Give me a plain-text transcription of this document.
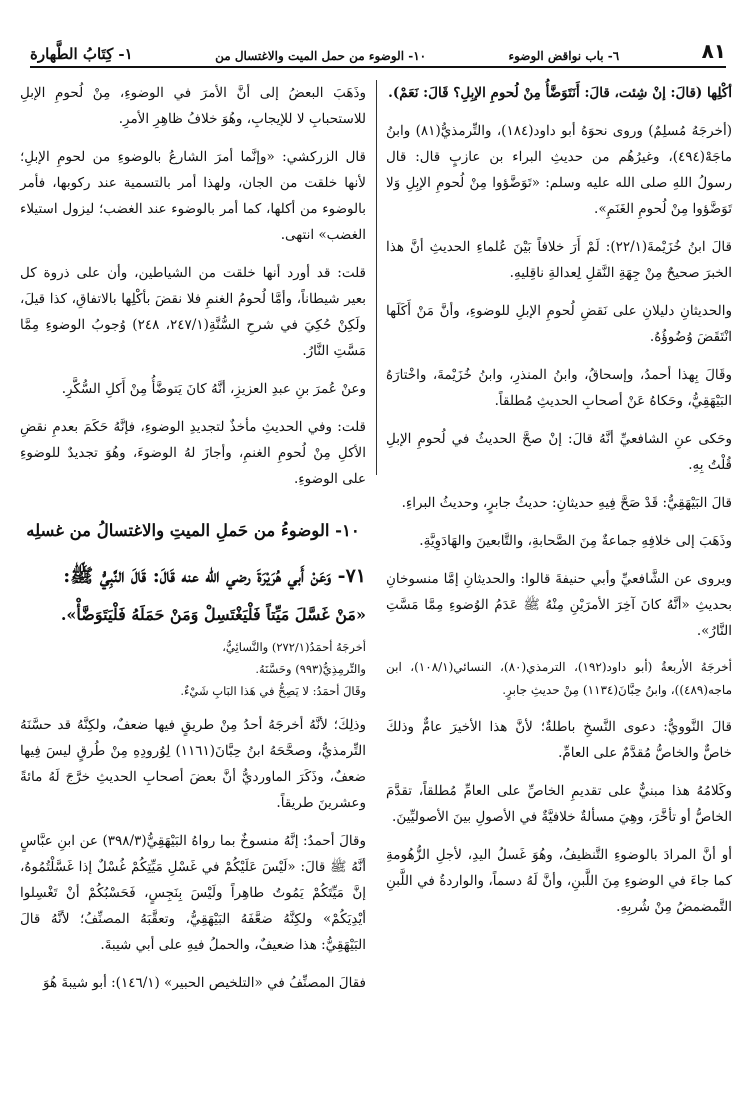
٨١
٦- باب نواقض الوضوء
١٠- الوضوء من حمل الميت والاغتسال من
١- كِتَابُ الطَّهارة

أكْلِها (قالَ: إنْ شِئت، قالَ: أَنَتَوَضَّأُ مِنْ لُحومِ الإبِلِ؟ قَالَ: نَعَمْ).

(أخرجَهُ مُسلِمٌ) وروى نحوَهُ أبو داود(١٨٤)، والتِّرمذيُّ(٨١) وابنُ ماجَهْ(٤٩٤)، وغيرُهُم من حديثِ البراء بن عازبٍ قال: قال رسولُ اللهِ صلى الله عليه وسلم: «تَوَضَّؤوا مِنْ لُحومِ الإبِلِ وَلا تَوَضَّؤوا مِنْ لُحومِ الغَنَمِ».

قالَ ابنُ خُزَيْمةَ(٢٢/١): لَمْ أَرَ خلافاً بَيْنَ عُلماءِ الحديثِ أنَّ هذا الخبرَ صحيحٌ مِنْ جِهَةِ النَّقلِ لِعدالةِ ناقِليهِ.

والحديثانِ دليلانِ على نَقضِ لُحومِ الإبلِ للوضوءِ، وأنَّ مَنْ أَكَلَها انْتَقَضَ وُضُوؤُهُ.

وقَالَ بِهذا أحمدُ، وإسحاقُ، وابنُ المنذرِ، وابنُ خُزَيْمةَ، واخْتارَهُ البَيْهَقِيُّ، وحَكاهُ عَنْ أصحابِ الحديثِ مُطلقاً.

وحَكى عنِ الشافعيِّ أنَّهُ قالَ: إنْ صحَّ الحديثُ في لُحومِ الإبلِ قُلْتُ بِهِ.

قالَ البَيْهَقِيُّ: قَدْ صَحَّ فِيهِ حديثانِ: حديثُ جابرٍ، وحديثُ البراءِ.

وذَهَبَ إلى خلافِهِ جماعةٌ مِنَ الصَّحابةِ، والتَّابعينَ والهَادَوِيَّةِ.

ويروى عن الشَّافعيِّ وأبي حنيفةَ قالوا: والحديثانِ إمَّا منسوخانِ بحديثِ «أنَّهُ كانَ آخِرَ الأمرَيْنِ مِنْهُ ﷺ عَدَمُ الوُضوءِ مِمَّا مَسَّتِ النَّارُ».

أخرجَهُ الأربعةُ (أبو داود(١٩٢)، الترمذي(٨٠)، النسائي(١٠٨/١)، ابن ماجه(٤٨٩))، وابنُ حِبَّانَ(١١٣٤) مِنْ حديثِ جابرٍ.

قالَ النَّوويُّ: دعوى النَّسخِ باطلةٌ؛ لأنَّ هذا الأخيرَ عامٌّ وذلكَ خاصٌّ والخاصُّ مُقدَّمٌ على العامِّ.

وكَلامُهُ هذا مبنيٌّ على تقديمِ الخاصِّ على العامِّ مُطلقاً، تقدَّمَ الخاصُّ أو تأخَّرَ، وهِيَ مسألةٌ خلافيَّةٌ في الأصولِ بينَ الأصوليِّينَ.

أو أنَّ المرادَ بالوضوءِ التَّنظيفُ، وهُوَ غَسلُ اليدِ، لأجلِ الزُّهُومةِ كما جاءَ في الوضوءِ مِنَ اللَّبنِ، وأنَّ لَهُ دسماً، والواردةُ في اللَّبنِ التَّمضمضُ مِنْ شُربِهِ.

وذَهَبَ البعضُ إلى أنَّ الأمرَ في الوضوءِ، مِنْ لُحومِ الإبلِ للاستحبابِ لا للإيجابِ، وهُوَ خلافُ ظاهِرِ الأمرِ.

قال الزركشي: «وإنَّما أمرَ الشارعُ بالوضوءِ من لحومِ الإبلِ؛ لأنها خلقت من الجان، ولهذا أمر بالتسمية عند ركوبها، فأمر بالوضوء من أكلها، كما أمر بالوضوء عند الغضب؛ ليزول استيلاء الغضب» انتهى.

قلت: قد أورد أنها خلقت من الشياطين، وأن على ذروة كل بعير شيطاناً، وأمَّا لُحومُ الغنمِ فلا نقضَ بأكْلِها بالاتفاقِ، كذا قيلَ، ولَكِنْ حُكِيَ في شرحِ السُّنَّةِ(٢٤٧/١، ٢٤٨) وُجوبُ الوضوءِ مِمَّا مَسَّتِ النَّارُ.

وعنْ عُمرَ بنِ عبدِ العزيزِ، أنَّهُ كانَ يَتوضَّأُ مِنْ أَكلِ السُّكَّرِ.

قلت: وفي الحديثِ مأخذٌ لتجديدِ الوضوءِ، فإنَّهُ حَكَمَ بعدمِ نقضِ الأكلِ مِنْ لُحومِ الغنمِ، وأجازَ لهُ الوضوءَ، وهُوَ تجديدٌ للوضوءِ على الوضوءِ.

١٠- الوضوءُ من حَملِ الميتِ والاغتسالُ من غسلِه

٧١- وَعَنْ أَبي هُرَيْرَةَ رضي الله عنه قَالَ: قَالَ النَّبِيُّ ﷺ:

«مَنْ غَسَّلَ مَيِّتاً فَلْيَغْتَسِلْ وَمَنْ حَمَلَهُ فَلْيَتَوَضَّأْ».

أخرجَهُ أحمَدُ(٢٧٢/١) والنَّسائِيُّ،
والتِّرمِذِيُّ(٩٩٣) وحَسَّنَهُ.
وقَالَ أحمَدُ: لا يَصِحُّ في هَذا البَابِ شَيْءٌ.

وذلِكَ؛ لأنَّهُ أخرجَهُ أحدُ مِنْ طريقٍ فيها ضعفٌ، ولكِنَّهُ قد حسَّنَهُ التِّرمذيُّ، وصحَّحَهُ ابنُ حِبَّانَ(١١٦١) لِوُرودِهِ مِنْ طُرقٍ ليسَ فِيها ضعفٌ، وذَكَرَ الماورديُّ أنَّ بعضَ أصحابِ الحديثِ خرَّجَ لَهُ مائةً وعشرينَ طريقاً.

وقالَ أحمدُ: إنَّهُ منسوخٌ بما رواهُ البَيْهَقِيُّ(٣٩٨/٣) عن ابنِ عبَّاسٍ أنَّهُ ﷺ قالَ: «لَيْسَ عَلَيْكُمْ في غَسْلِ مَيِّتِكُمْ غُسْلٌ إذا غَسَّلْتُمُوهُ، إنَّ مَيِّتَكُمْ يَمُوتُ طاهِراً ولَيْسَ بِنَجِسٍ، فَحَسْبُكُمْ أنْ تَغْسِلوا أيْدِيَكُمْ» ولكِنَّهُ ضعَّفَهُ البَيْهَقِيُّ، وتعقَّبَهُ المصنِّفُ؛ لأنَّهُ قالَ البَيْهَقِيُّ: هذا ضعيفٌ، والحملُ فيهِ على أبي شيبةَ.

فقالَ المصنِّفُ في «التلخيص الحبير» (١٤٦/١): أبو شيبةَ هُوَ
